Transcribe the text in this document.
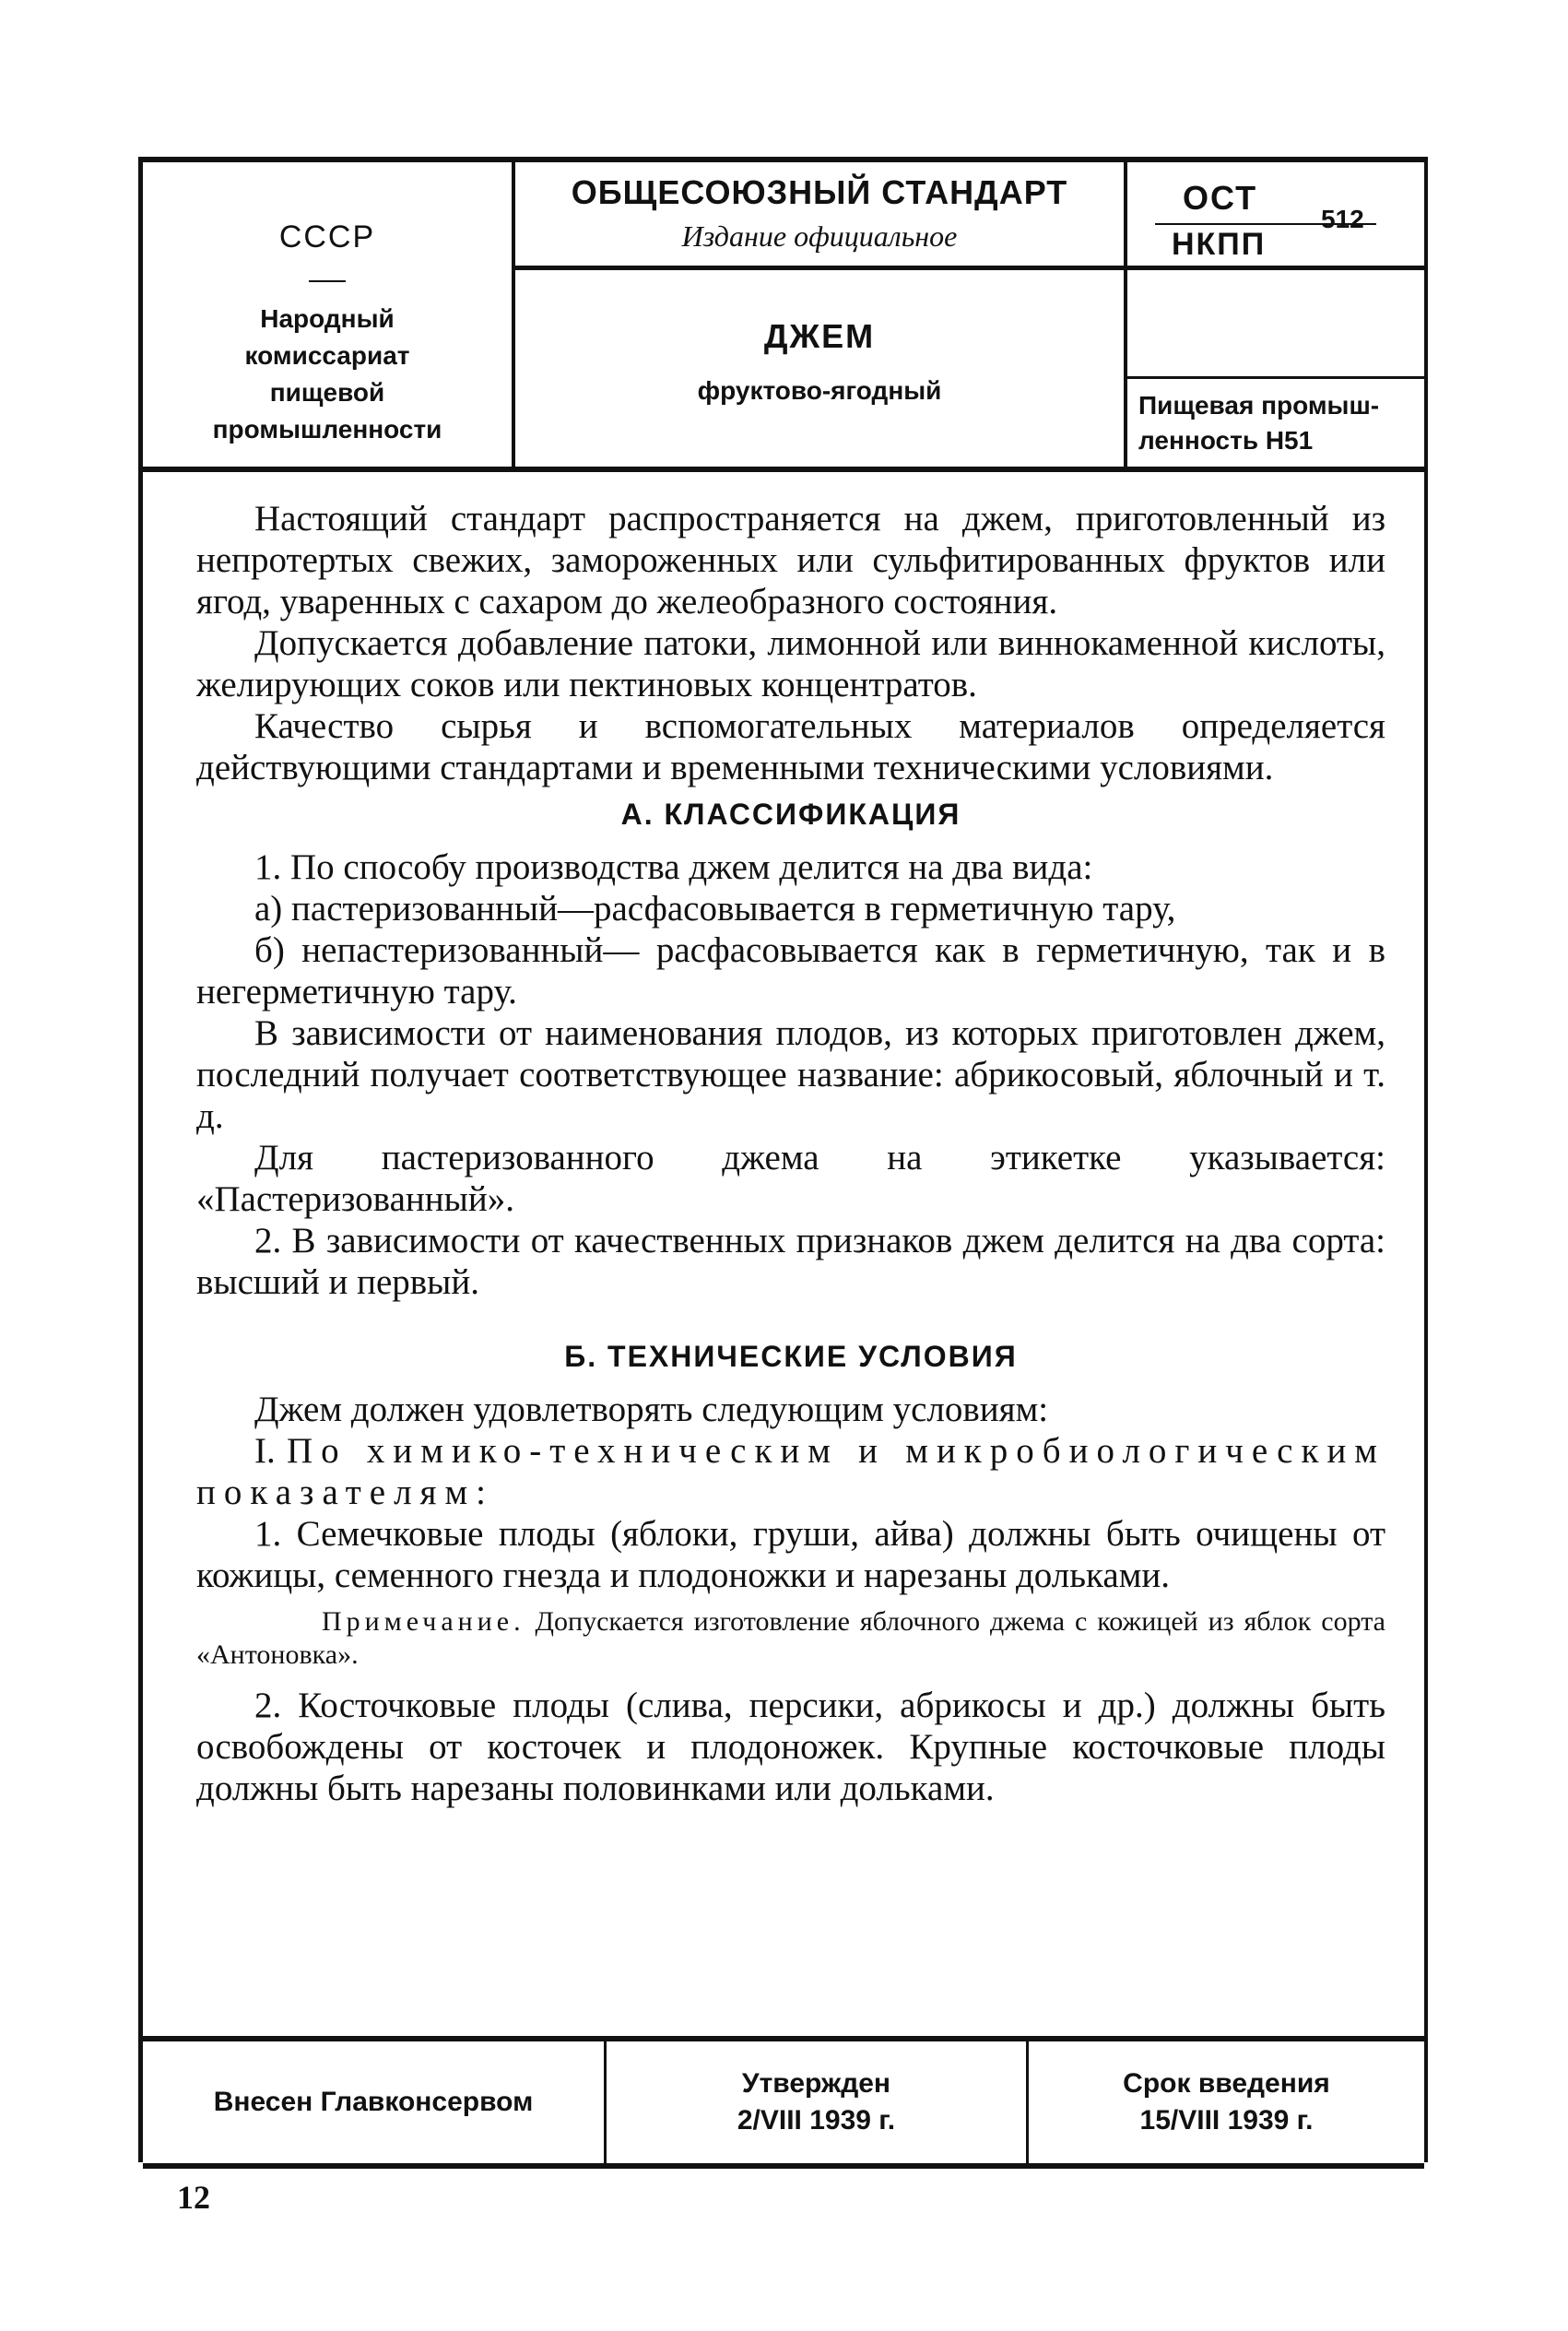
СССР
Народный
комиссариат
пищевой
промышленности
ОБЩЕСОЮЗНЫЙ СТАНДАРТ
Издание официальное
ДЖЕМ
фруктово-ягодный
ОСТ
НКПП
512
Пищевая промыш-
ленность Н51

Настоящий стандарт распространяется на джем, приготовленный из непротертых свежих, замороженных или сульфитированных фруктов или ягод, уваренных с сахаром до желеобразного состояния.

Допускается добавление патоки, лимонной или виннокаменной кислоты, желирующих соков или пектиновых концентратов.

Качество сырья и вспомогательных материалов определяется действующими стандартами и временными техническими условиями.

А. КЛАССИФИКАЦИЯ

1. По способу производства джем делится на два вида:

а) пастеризованный—расфасовывается в герметичную тару,

б) непастеризованный— расфасовывается как в герметичную, так и в негерметичную тару.

В зависимости от наименования плодов, из которых приготовлен джем, последний получает соответствующее название: абрикосовый, яблочный и т. д.

Для пастеризованного джема на этикетке указывается: «Пастеризованный».

2. В зависимости от качественных признаков джем делится на два сорта: высший и первый.

Б. ТЕХНИЧЕСКИЕ УСЛОВИЯ

Джем должен удовлетворять следующим условиям:

I. По химико-техническим и микробиологическим показателям:

1. Семечковые плоды (яблоки, груши, айва) должны быть очищены от кожицы, семенного гнезда и плодоножки и нарезаны дольками.

Примечание. Допускается изготовление яблочного джема с кожицей из яблок сорта «Антоновка».

2. Косточковые плоды (слива, персики, абрикосы и др.) должны быть освобождены от косточек и плодоножек. Крупные косточковые плоды должны быть нарезаны половинками или дольками.

Внесен Главконсервом
Утвержден
2/VIII 1939 г.
Срок введения
15/VIII 1939 г.
12
